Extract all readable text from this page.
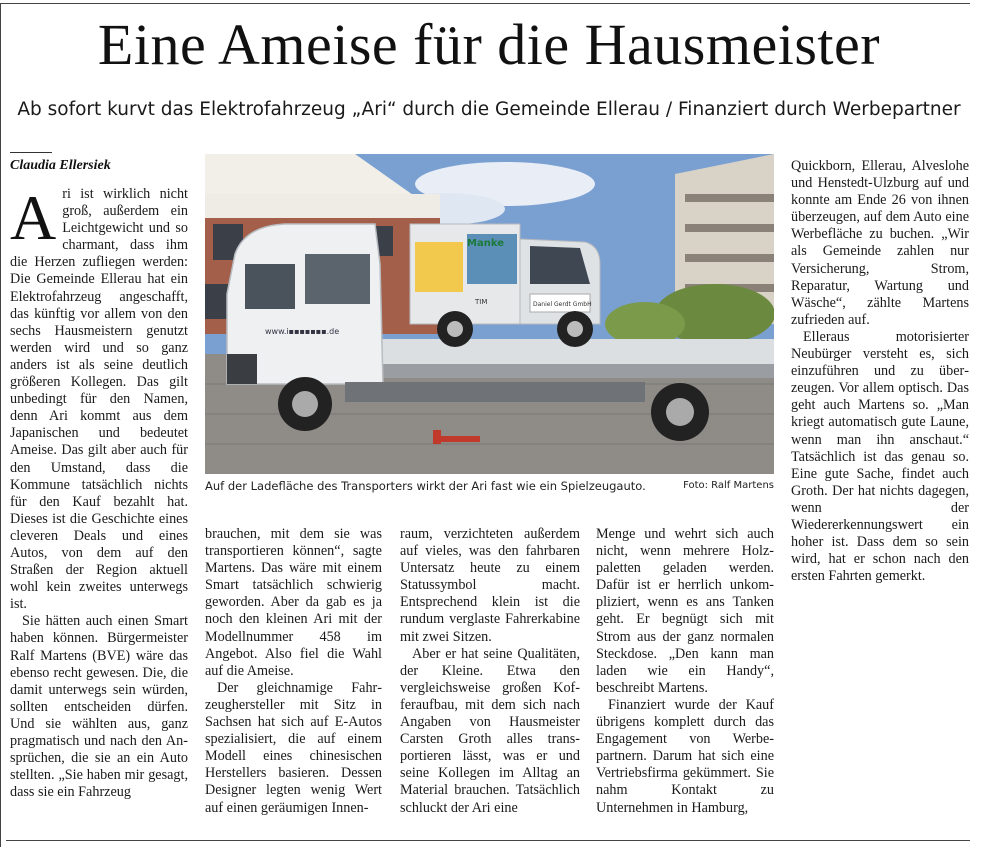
Eine Ameise für die Hausmeister
Ab sofort kurvt das Elektrofahrzeug „Ari“ durch die Gemeinde Ellerau / Finanziert durch Werbepartner
Claudia Ellersiek

Ari ist wirklich nicht groß, außerdem ein Leichtgewicht und so charmant, dass ihm die Herzen zufliegen werden: Die Gemeinde Ellerau hat ein Elektrofahrzeug angeschafft, das künftig vor allem von den sechs Hausmeistern genutzt werden wird und so ganz anders ist als seine deutlich größeren Kollegen. Das gilt unbedingt für den Namen, denn Ari kommt aus dem Japanischen und bedeutet Ameise. Das gilt aber auch für den Umstand, dass die Kommune tatsächlich nichts für den Kauf bezahlt hat. Dieses ist die Geschichte eines cleveren Deals und eines Autos, von dem auf den Straßen der Region aktuell wohl kein zweites unterwegs ist.

Sie hätten auch einen Smart haben können. Bürgermeister Ralf Martens (BVE) wäre das ebenso recht gewesen. Die, die damit unterwegs sein würden, sollten entscheiden dürfen. Und sie wählten aus, ganz pragmatisch und nach den Ansprüchen, die sie an ein Auto stellten. „Sie haben mir gesagt, dass sie ein Fahrzeug

www.i▪▪▪▪▪▪▪.de
Manke
Daniel Gerdt GmbH
TIM
Auf der Ladefläche des Transporters wirkt der Ari fast wie ein Spielzeugauto.	Foto: Ralf Martens

brauchen, mit dem sie was transportieren können“, sagte Martens. Das wäre mit einem Smart tatsächlich schwierig geworden. Aber da gab es ja noch den kleinen Ari mit der Modellnummer 458 im Angebot. Also fiel die Wahl auf die Ameise.

Der gleichnamige Fahrzeughersteller mit Sitz in Sachsen hat sich auf E-Autos spezialisiert, die auf einem Modell eines chinesischen Herstellers basieren. Dessen Designer legten wenig Wert auf einen geräumigen Innen-

raum, verzichteten außerdem auf vieles, was den fahrbaren Untersatz heute zu einem Statussymbol macht. Entsprechend klein ist die rundum verglaste Fahrerkabine mit zwei Sitzen.

Aber er hat seine Qualitäten, der Kleine. Etwa den vergleichsweise großen Kofferaufbau, mit dem sich nach Angaben von Hausmeister Carsten Groth alles transportieren lässt, was er und seine Kollegen im Alltag an Material brauchen. Tatsächlich schluckt der Ari eine

Menge und wehrt sich auch nicht, wenn mehrere Holzpaletten geladen werden. Dafür ist er herrlich unkompliziert, wenn es ans Tanken geht. Er begnügt sich mit Strom aus der ganz normalen Steckdose. „Den kann man laden wie ein Handy“, beschreibt Martens.

Finanziert wurde der Kauf übrigens komplett durch das Engagement von Werbepartnern. Darum hat sich eine Vertriebsfirma gekümmert. Sie nahm Kontakt zu Unternehmen in Hamburg,

Quickborn, Ellerau, Alveslohe und Henstedt-Ulzburg auf und konnte am Ende 26 von ihnen überzeugen, auf dem Auto eine Werbefläche zu buchen. „Wir als Gemeinde zahlen nur Versicherung, Strom, Reparatur, Wartung und Wäsche“, zählte Martens zufrieden auf.

Elleraus motorisierter Neubürger versteht es, sich einzuführen und zu überzeugen. Vor allem optisch. Das geht auch Martens so. „Man kriegt automatisch gute Laune, wenn man ihn anschaut.“ Tatsächlich ist das genau so. Eine gute Sache, findet auch Groth. Der hat nichts dagegen, wenn der Wiedererkennungswert ein hoher ist. Dass dem so sein wird, hat er schon nach den ersten Fahrten gemerkt.
